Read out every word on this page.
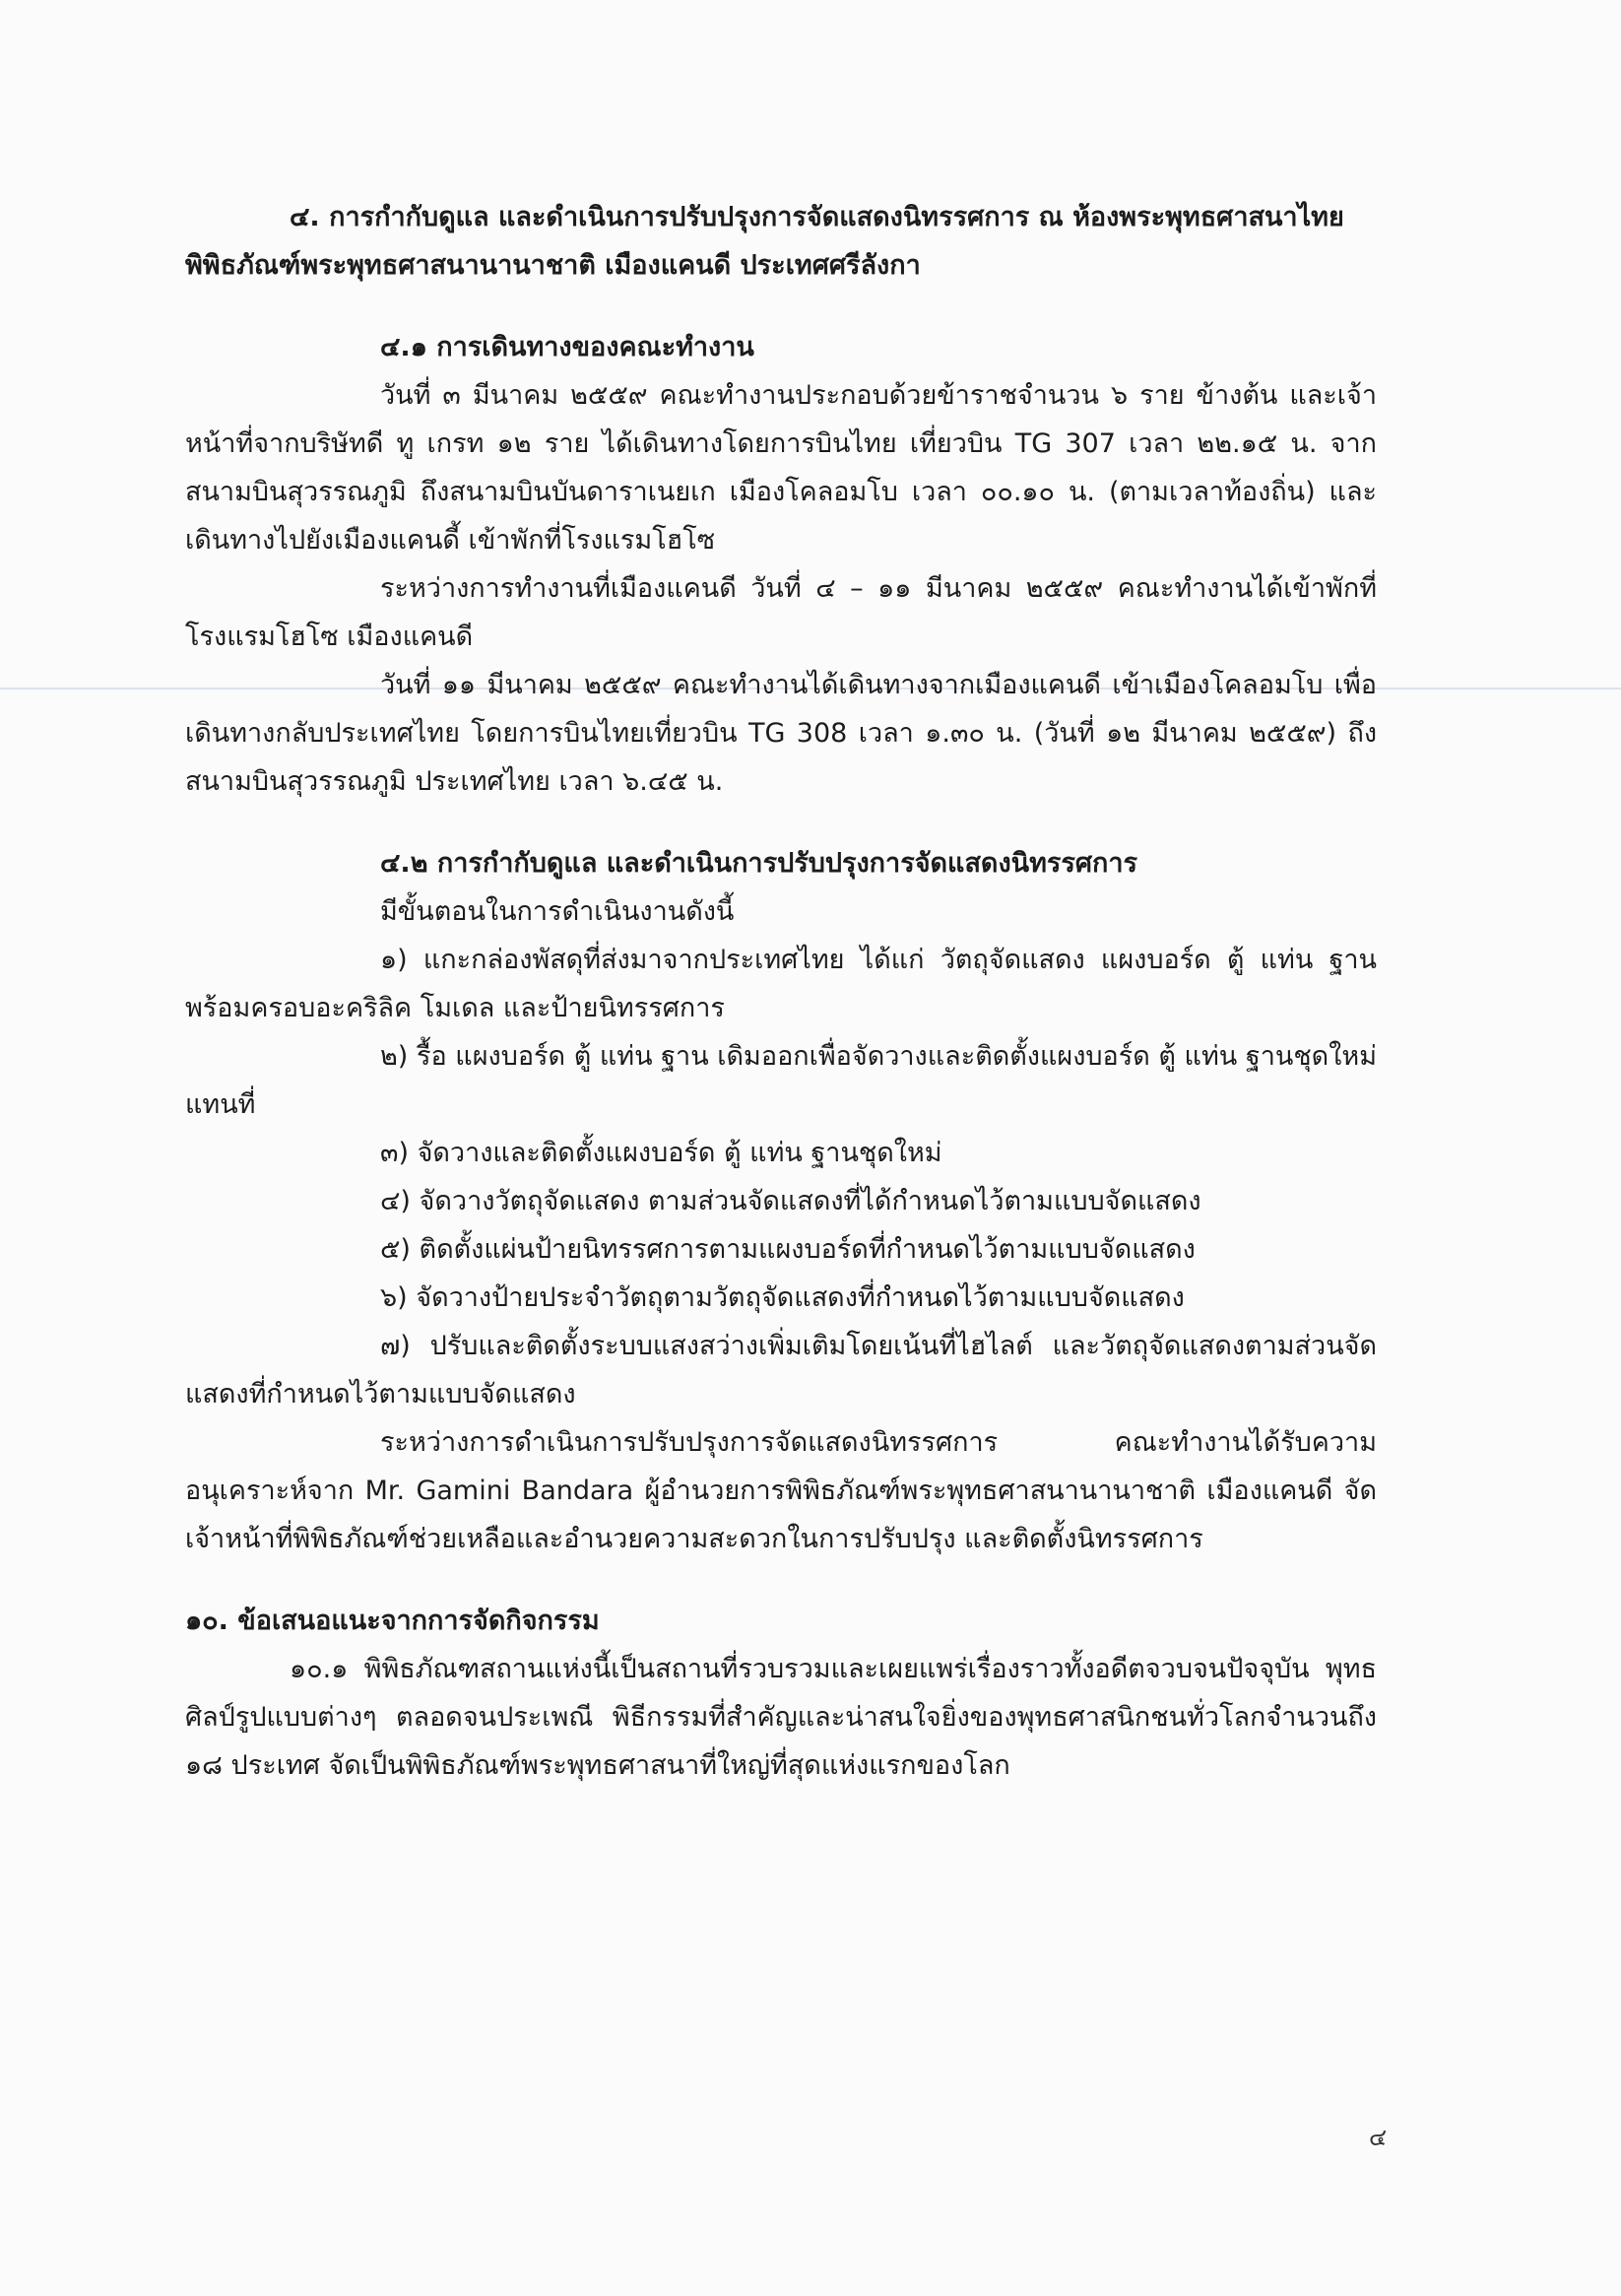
๔. การกำกับดูแล และดำเนินการปรับปรุงการจัดแสดงนิทรรศการ ณ ห้องพระพุทธศาสนาไทย

พิพิธภัณฑ์พระพุทธศาสนานานาชาติ เมืองแคนดี ประเทศศรีลังกา

๔.๑ การเดินทางของคณะทำงาน

วันที่ ๓ มีนาคม ๒๕๕๙ คณะทำงานประกอบด้วยข้าราชจำนวน ๖ ราย ข้างต้น และเจ้าหน้าที่จากบริษัทดี ทู เกรท ๑๒ ราย ได้เดินทางโดยการบินไทย เที่ยวบิน TG 307 เวลา ๒๒.๑๕ น. จากสนามบินสุวรรณภูมิ ถึงสนามบินบันดาราเนยเก เมืองโคลอมโบ เวลา ๐๐.๑๐ น. (ตามเวลาท้องถิ่น) และเดินทางไปยังเมืองแคนดี้ เข้าพักที่โรงแรมโฮโซ

ระหว่างการทำงานที่เมืองแคนดี วันที่ ๔ – ๑๑ มีนาคม ๒๕๕๙ คณะทำงานได้เข้าพักที่โรงแรมโฮโซ เมืองแคนดี

วันที่ ๑๑ มีนาคม ๒๕๕๙ คณะทำงานได้เดินทางจากเมืองแคนดี เข้าเมืองโคลอมโบ เพื่อเดินทางกลับประเทศไทย โดยการบินไทยเที่ยวบิน TG 308 เวลา ๑.๓๐ น. (วันที่ ๑๒ มีนาคม ๒๕๕๙) ถึงสนามบินสุวรรณภูมิ ประเทศไทย เวลา ๖.๔๕ น.

๔.๒ การกำกับดูแล และดำเนินการปรับปรุงการจัดแสดงนิทรรศการ

มีขั้นตอนในการดำเนินงานดังนี้

๑) แกะกล่องพัสดุที่ส่งมาจากประเทศไทย ได้แก่ วัตถุจัดแสดง แผงบอร์ด ตู้ แท่น ฐาน พร้อมครอบอะคริลิค โมเดล และป้ายนิทรรศการ

๒) รื้อ แผงบอร์ด ตู้ แท่น ฐาน เดิมออกเพื่อจัดวางและติดตั้งแผงบอร์ด ตู้ แท่น ฐานชุดใหม่แทนที่

๓) จัดวางและติดตั้งแผงบอร์ด ตู้ แท่น ฐานชุดใหม่

๔) จัดวางวัตถุจัดแสดง ตามส่วนจัดแสดงที่ได้กำหนดไว้ตามแบบจัดแสดง

๕) ติดตั้งแผ่นป้ายนิทรรศการตามแผงบอร์ดที่กำหนดไว้ตามแบบจัดแสดง

๖) จัดวางป้ายประจำวัตถุตามวัตถุจัดแสดงที่กำหนดไว้ตามแบบจัดแสดง

๗) ปรับและติดตั้งระบบแสงสว่างเพิ่มเติมโดยเน้นที่ไฮไลต์ และวัตถุจัดแสดงตามส่วนจัดแสดงที่กำหนดไว้ตามแบบจัดแสดง

ระหว่างการดำเนินการปรับปรุงการจัดแสดงนิทรรศการ คณะทำงานได้รับความอนุเคราะห์จาก Mr. Gamini Bandara ผู้อำนวยการพิพิธภัณฑ์พระพุทธศาสนานานาชาติ เมืองแคนดี จัดเจ้าหน้าที่พิพิธภัณฑ์ช่วยเหลือและอำนวยความสะดวกในการปรับปรุง และติดตั้งนิทรรศการ

๑๐. ข้อเสนอแนะจากการจัดกิจกรรม

๑๐.๑ พิพิธภัณฑสถานแห่งนี้เป็นสถานที่รวบรวมและเผยแพร่เรื่องราวทั้งอดีตจวบจนปัจจุบัน พุทธศิลป์รูปแบบต่างๆ ตลอดจนประเพณี พิธีกรรมที่สำคัญและน่าสนใจยิ่งของพุทธศาสนิกชนทั่วโลกจำนวนถึง ๑๘ ประเทศ จัดเป็นพิพิธภัณฑ์พระพุทธศาสนาที่ใหญ่ที่สุดแห่งแรกของโลก

๔
